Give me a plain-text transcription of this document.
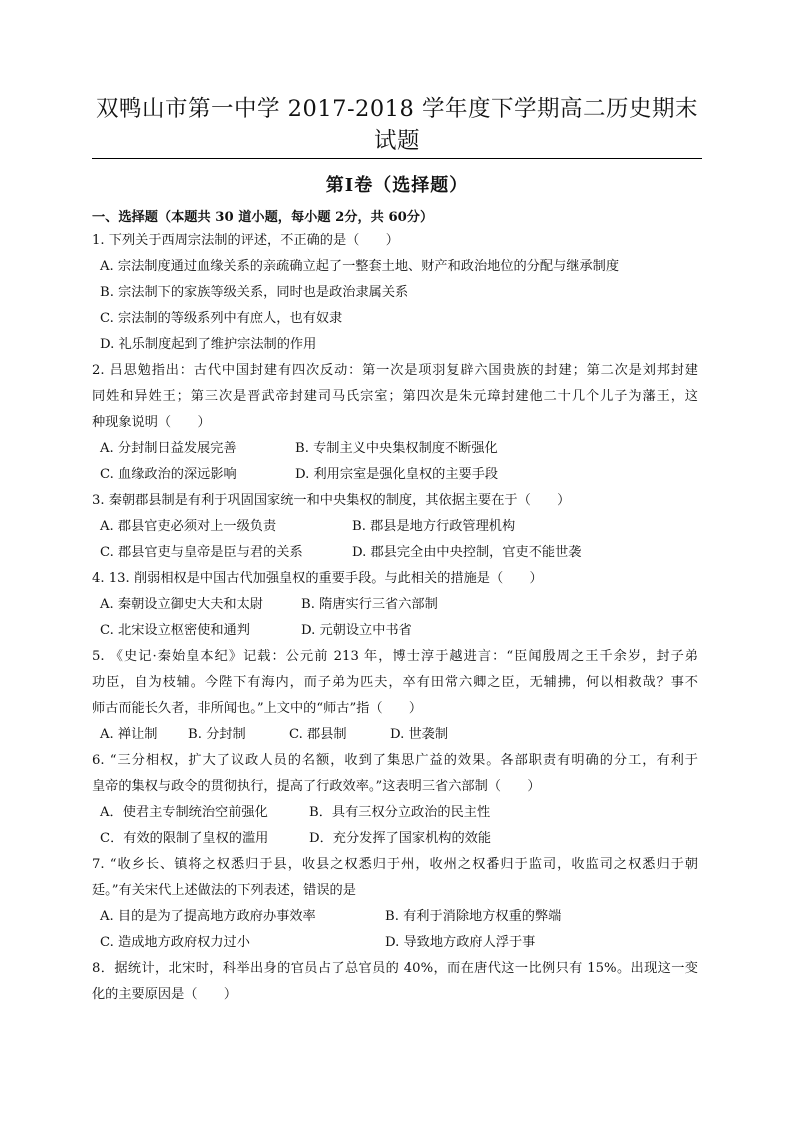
双鸭山市第一中学 2017-2018 学年度下学期高二历史期末
试题
第Ⅰ卷（选择题）
一、选择题（本题共 30 道小题，每小题 2分，共 60分）
1. 下列关于西周宗法制的评述，不正确的是（　　）
A. 宗法制度通过血缘关系的亲疏确立起了一整套土地、财产和政治地位的分配与继承制度
B. 宗法制下的家族等级关系，同时也是政治隶属关系
C. 宗法制的等级系列中有庶人，也有奴隶
D. 礼乐制度起到了维护宗法制的作用
2. 吕思勉指出：古代中国封建有四次反动：第一次是项羽复辟六国贵族的封建；第二次是刘邦封建
同姓和异姓王；第三次是晋武帝封建司马氏宗室；第四次是朱元璋封建他二十几个儿子为藩王，这
种现象说明（　　）
A. 分封制日益发展完善	B. 专制主义中央集权制度不断强化
C. 血缘政治的深远影响	D. 利用宗室是强化皇权的主要手段
3. 秦朝郡县制是有利于巩固国家统一和中央集权的制度，其依据主要在于（　　）
A. 郡县官吏必须对上一级负责	B. 郡县是地方行政管理机构
C. 郡县官吏与皇帝是臣与君的关系	D. 郡县完全由中央控制，官吏不能世袭
4. 13. 削弱相权是中国古代加强皇权的重要手段。与此相关的措施是（　　）
A. 秦朝设立御史大夫和太尉	B. 隋唐实行三省六部制
C. 北宋设立枢密使和通判	D. 元朝设立中书省
5. 《史记·秦始皇本纪》记载：公元前 213 年，博士淳于越进言：“臣闻殷周之王千余岁，封子弟
功臣，自为枝辅。今陛下有海内，而子弟为匹夫，卒有田常六卿之臣，无辅拂，何以相救哉？事不
师古而能长久者，非所闻也。”上文中的“师古”指（　　）
A. 禅让制 B. 分封制	C. 郡县制	D. 世袭制
6. “三分相权，扩大了议政人员的名额，收到了集思广益的效果。各部职责有明确的分工，有利于
皇帝的集权与政令的贯彻执行，提高了行政效率。”这表明三省六部制（　　）
A．使君主专制统治空前强化	B．具有三权分立政治的民主性
C．有效的限制了皇权的滥用	D．充分发挥了国家机构的效能
7. “收乡长、镇将之权悉归于县，收县之权悉归于州，收州之权番归于监司，收监司之权悉归于朝
廷。”有关宋代上述做法的下列表述，错误的是
A. 目的是为了提高地方政府办事效率	B. 有利于消除地方权重的弊端
C. 造成地方政府权力过小	D. 导致地方政府人浮于事
8．据统计，北宋时，科举出身的官员占了总官员的 40%，而在唐代这一比例只有 15%。出现这一变
化的主要原因是（　　）
